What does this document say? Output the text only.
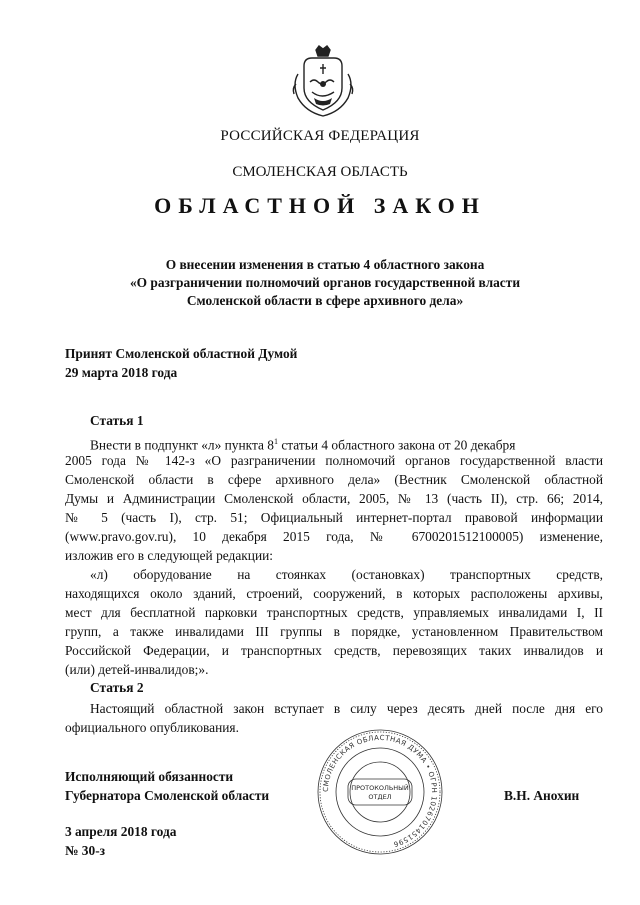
РОССИЙСКАЯ ФЕДЕРАЦИЯ
СМОЛЕНСКАЯ ОБЛАСТЬ
ОБЛАСТНОЙ ЗАКОН
О внесении изменения в статью 4 областного закона
«О разграничении полномочий органов государственной власти
Смоленской области в сфере архивного дела»
Принят Смоленской областной Думой
29 марта 2018 года
Статья 1
Внести в подпункт «л» пункта $8^1$ статьи 4 областного закона от 20 декабря
2005 года № 142-з «О разграничении полномочий органов государственной власти
Смоленской области в сфере архивного дела» (Вестник Смоленской областной
Думы и Администрации Смоленской области, 2005, № 13 (часть II), стр. 66; 2014,
№ 5 (часть I), стр. 51; Официальный интернет-портал правовой информации
(www.pravo.gov.ru), 10 декабря 2015 года, № 6700201512100005) изменение,
изложив его в следующей редакции:
«л) оборудование на стоянках (остановках) транспортных средств,
находящихся около зданий, строений, сооружений, в которых расположены архивы,
мест для бесплатной парковки транспортных средств, управляемых инвалидами I, II
групп, а также инвалидами III группы в порядке, установленном Правительством
Российской Федерации, и транспортных средств, перевозящих таких инвалидов и
(или) детей-инвалидов;».
Статья 2
Настоящий областной закон вступает в силу через десять дней после дня его
официального опубликования.
Исполняющий обязанности
Губернатора Смоленской области	В.Н. Анохин
СМОЛЕНСКАЯ ОБЛАСТНАЯ ДУМА • ОГРН 1026701451596
ПРОТОКОЛЬНЫЙ
ОТДЕЛ
3 апреля 2018 года
№ 30-з
